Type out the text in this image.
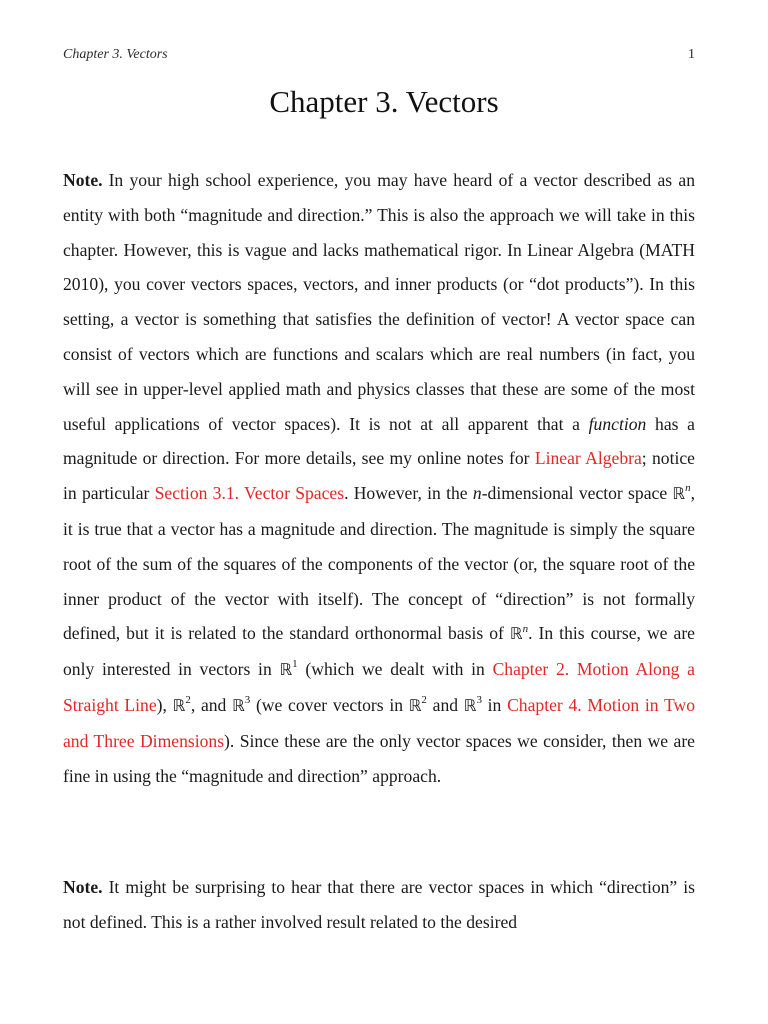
Chapter 3. Vectors	1
Chapter 3. Vectors

Note. In your high school experience, you may have heard of a vector described as an entity with both “magnitude and direction.” This is also the approach we will take in this chapter. However, this is vague and lacks mathematical rigor. In Linear Algebra (MATH 2010), you cover vectors spaces, vectors, and inner products (or “dot products”). In this setting, a vector is something that satisfies the definition of vector! A vector space can consist of vectors which are functions and scalars which are real numbers (in fact, you will see in upper-level applied math and physics classes that these are some of the most useful applications of vector spaces). It is not at all apparent that a function has a magnitude or direction. For more details, see my online notes for Linear Algebra; notice in particular Section 3.1. Vector Spaces. However, in the n-dimensional vector space ℝ$^n$, it is true that a vector has a magnitude and direction. The magnitude is simply the square root of the sum of the squares of the components of the vector (or, the square root of the inner product of the vector with itself). The concept of “direction” is not formally defined, but it is related to the standard orthonormal basis of ℝ$^n$. In this course, we are only interested in vectors in ℝ$^1$ (which we dealt with in Chapter 2. Motion Along a Straight Line), ℝ$^2$, and ℝ$^3$ (we cover vectors in ℝ$^2$ and ℝ$^3$ in Chapter 4. Motion in Two and Three Dimensions). Since these are the only vector spaces we consider, then we are fine in using the “magnitude and direction” approach.

Note. It might be surprising to hear that there are vector spaces in which “direction” is not defined. This is a rather involved result related to the desired
